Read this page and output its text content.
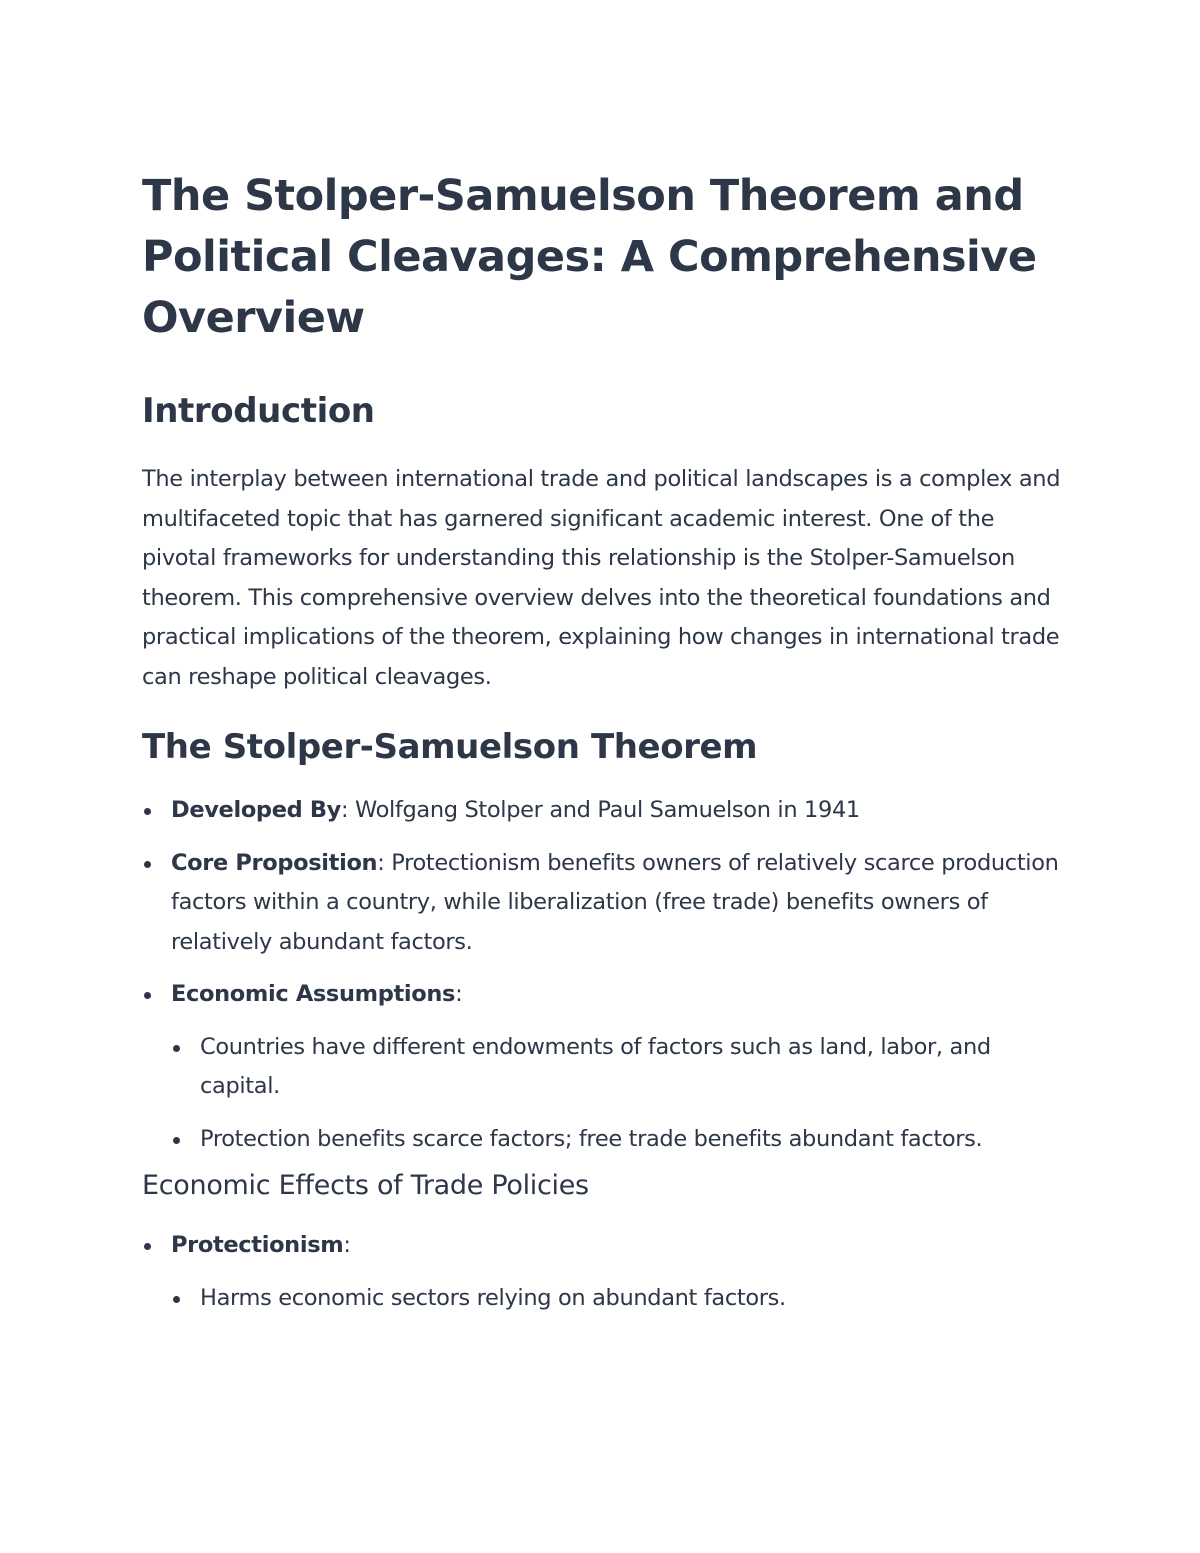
The Stolper-Samuelson Theorem and Political Cleavages: A Comprehensive Overview
Introduction

The interplay between international trade and political landscapes is a complex and multifaceted topic that has garnered significant academic interest. One of the pivotal frameworks for understanding this relationship is the Stolper-Samuelson theorem. This comprehensive overview delves into the theoretical foundations and practical implications of the theorem, explaining how changes in international trade can reshape political cleavages.

The Stolper-Samuelson Theorem
Developed By: Wolfgang Stolper and Paul Samuelson in 1941
Core Proposition: Protectionism benefits owners of relatively scarce production factors within a country, while liberalization (free trade) benefits owners of relatively abundant factors.
Economic Assumptions:
Countries have different endowments of factors such as land, labor, and capital.
Protection benefits scarce factors; free trade benefits abundant factors.
Economic Effects of Trade Policies
Protectionism:
Harms economic sectors relying on abundant factors.
